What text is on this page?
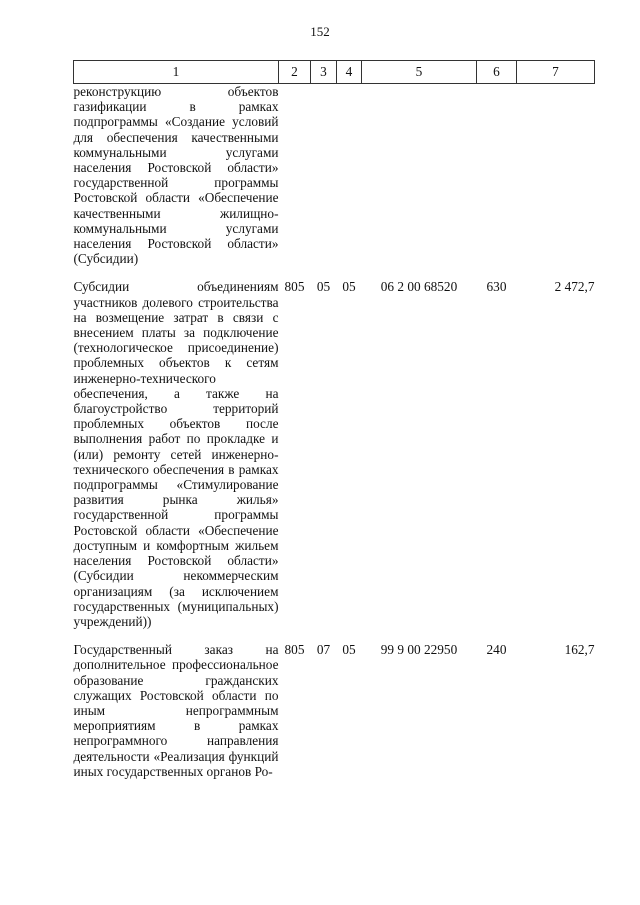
152
1	2	3	4	5	6	7
реконструкцию объектов газификации в рамках подпрограммы «Создание условий для обеспечения качественными коммунальными услугами населения Ростовской области» государственной программы Ростовской области «Обеспечение качественными жилищно-коммунальными услугами населения Ростовской области» (Субсидии)						

Субсидии объединениям участников долевого строительства на возмещение затрат в связи с внесением платы за подключение (технологическое присоединение) проблемных объектов к сетям инженерно-технического обеспечения, а также на благоустройство территорий проблемных объектов после выполнения работ по прокладке и (или) ремонту сетей инженерно-технического обеспечения в рамках подпрограммы «Стимулирование развития рынка жилья» государственной программы Ростовской области «Обеспечение доступным и комфортным жильем населения Ростовской области» (Субсидии некоммерческим организациям (за исключением государственных (муниципальных) учреждений))	805	05	05	06 2 00 68520	630	2 472,7

Государственный заказ на дополнительное профессиональное образование гражданских служащих Ростовской области по иным непрограммным мероприятиям в рамках непрограммного направления деятельности «Реализация функций иных государственных органов Ро-	805	07	05	99 9 00 22950	240	162,7
